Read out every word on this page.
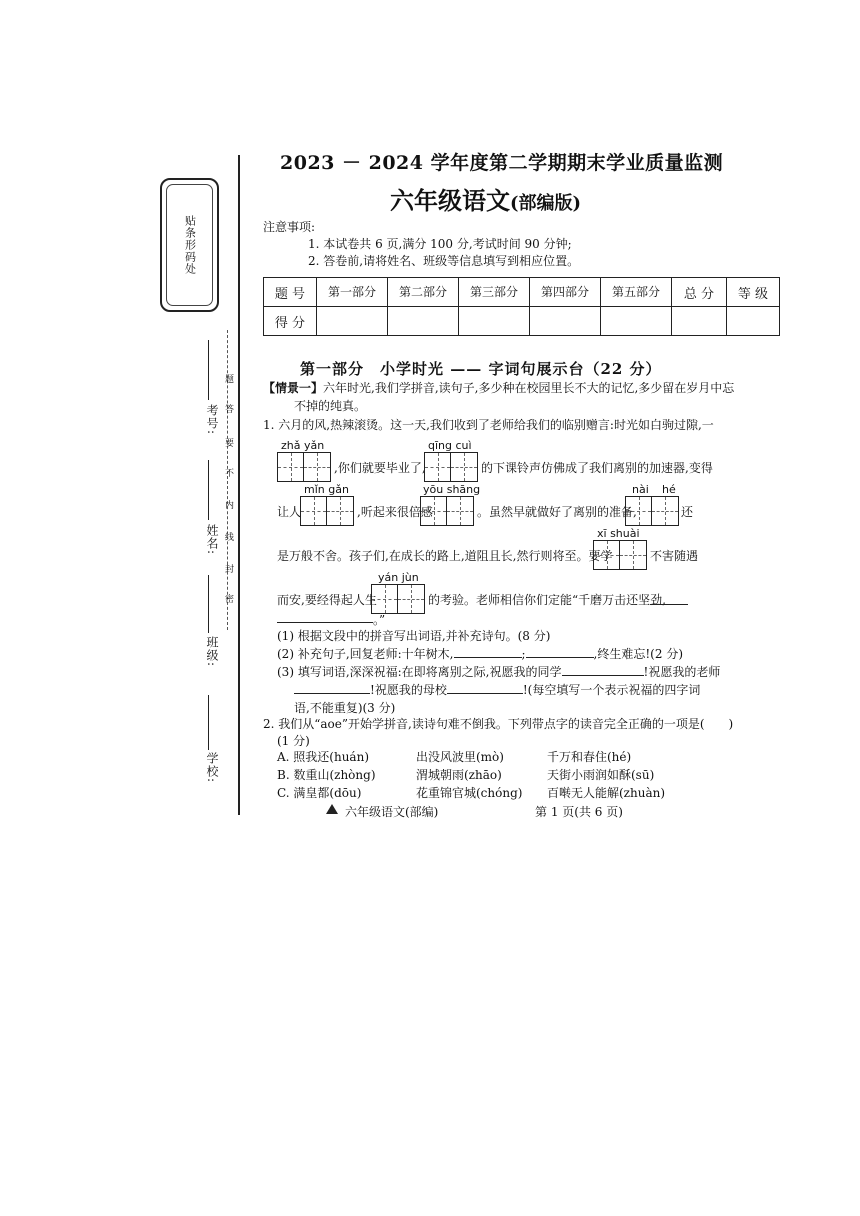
贴条形码处
考号:
姓名:
班级:
学校:
题
答
要
不
内
线
封
密
2023 － 2024 学年度第二学期期末学业质量监测
六年级语文(部编版)
注意事项:
1. 本试卷共 6 页,满分 100 分,考试时间 90 分钟;
2. 答卷前,请将姓名、班级等信息填写到相应位置。
题 号	第一部分	第二部分	第三部分	第四部分	第五部分	总 分	等 级
得 分							
第一部分　小学时光 —— 字词句展示台（22 分）
【情景一】六年时光,我们学拼音,读句子,多少种在校园里长不大的记忆,多少留在岁月中忘
不掉的纯真。
1. 六月的风,热辣滚烫。这一天,我们收到了老师给我们的临别赠言:时光如白驹过隙,一
zhǎ yǎn
,你们就要毕业了,
qīng cuì
的下课铃声仿佛成了我们离别的加速器,变得
让人
mǐn gǎn
,听起来很倍感
yōu shāng
。虽然早就做好了离别的准备,
nài hé
还
是万般不舍。孩子们,在成长的路上,道阻且长,然行则将至。要学
xī shuài
不害随遇
而安,要经得起人生
yán jùn
的考验。老师相信你们定能“千磨万击还坚劲,
。”
(1) 根据文段中的拼音写出词语,并补充诗句。(8 分)
(2) 补充句子,回复老师:十年树木,	;	,终生难忘!(2 分)
(3) 填写词语,深深祝福:在即将离别之际,祝愿我的同学	!祝愿我的老师
!祝愿我的母校	!(每空填写一个表示祝福的四字词
语,不能重复)(3 分)
2. 我们从“aoe”开始学拼音,读诗句难不倒我。下列带点字的读音完全正确的一项是(　　)
(1 分)
A. 照我还(huán)	出没风波里(mò)	千万和春住(hé)
B. 数重山(zhòng)	渭城朝雨(zhāo)	天街小雨润如酥(sū)
C. 满皇都(dōu)	花重锦官城(chóng) 百啭无人能解(zhuàn)
六年级语文(部编)	第 1 页(共 6 页)
